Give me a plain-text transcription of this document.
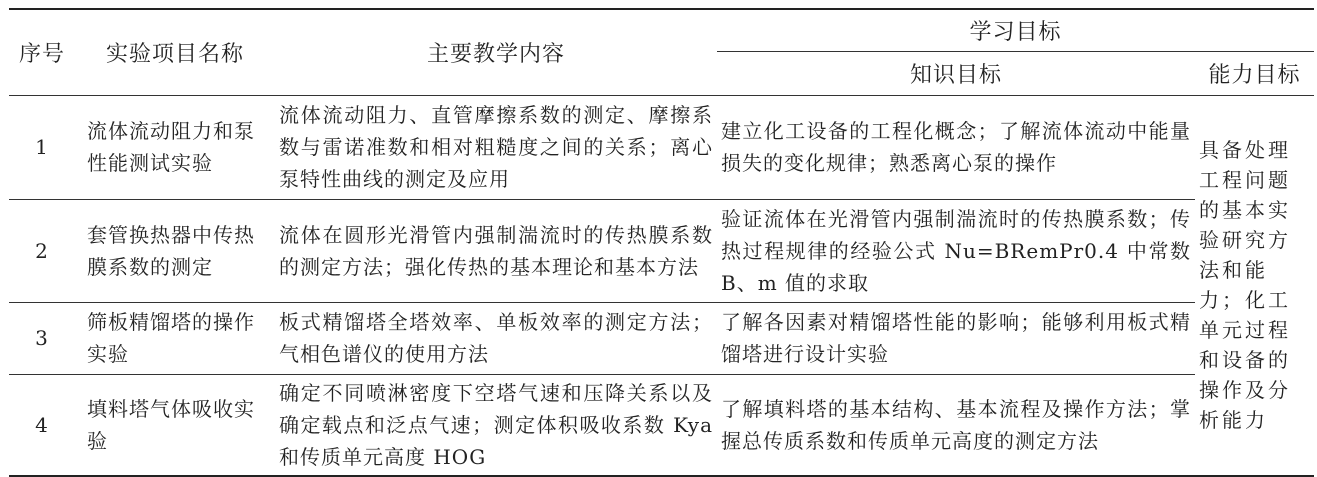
序号	实验项目名称	主要教学内容	学习目标	
			知识目标	能力目标
1	流体流动阻力和泵性能测试实验	流体流动阻力、直管摩擦系数的测定、摩擦系数与雷诺准数和相对粗糙度之间的关系；离心泵特性曲线的测定及应用	建立化工设备的工程化概念；了解流体流动中能量损失的变化规律；熟悉离心泵的操作	具备处理工程问题的基本实验研究方法和能力；化工单元过程和设备的操作及分析能力
2	套管换热器中传热膜系数的测定	流体在圆形光滑管内强制湍流时的传热膜系数的测定方法；强化传热的基本理论和基本方法	验证流体在光滑管内强制湍流时的传热膜系数；传热过程规律的经验公式 Nu=BRemPr0.4 中常数 B、m 值的求取	
3	筛板精馏塔的操作实验	板式精馏塔全塔效率、单板效率的测定方法；气相色谱仪的使用方法	了解各因素对精馏塔性能的影响；能够利用板式精馏塔进行设计实验	
4	填料塔气体吸收实验	确定不同喷淋密度下空塔气速和压降关系以及确定载点和泛点气速；测定体积吸收系数 Kya 和传质单元高度 HOG	了解填料塔的基本结构、基本流程及操作方法；掌握总传质系数和传质单元高度的测定方法	
